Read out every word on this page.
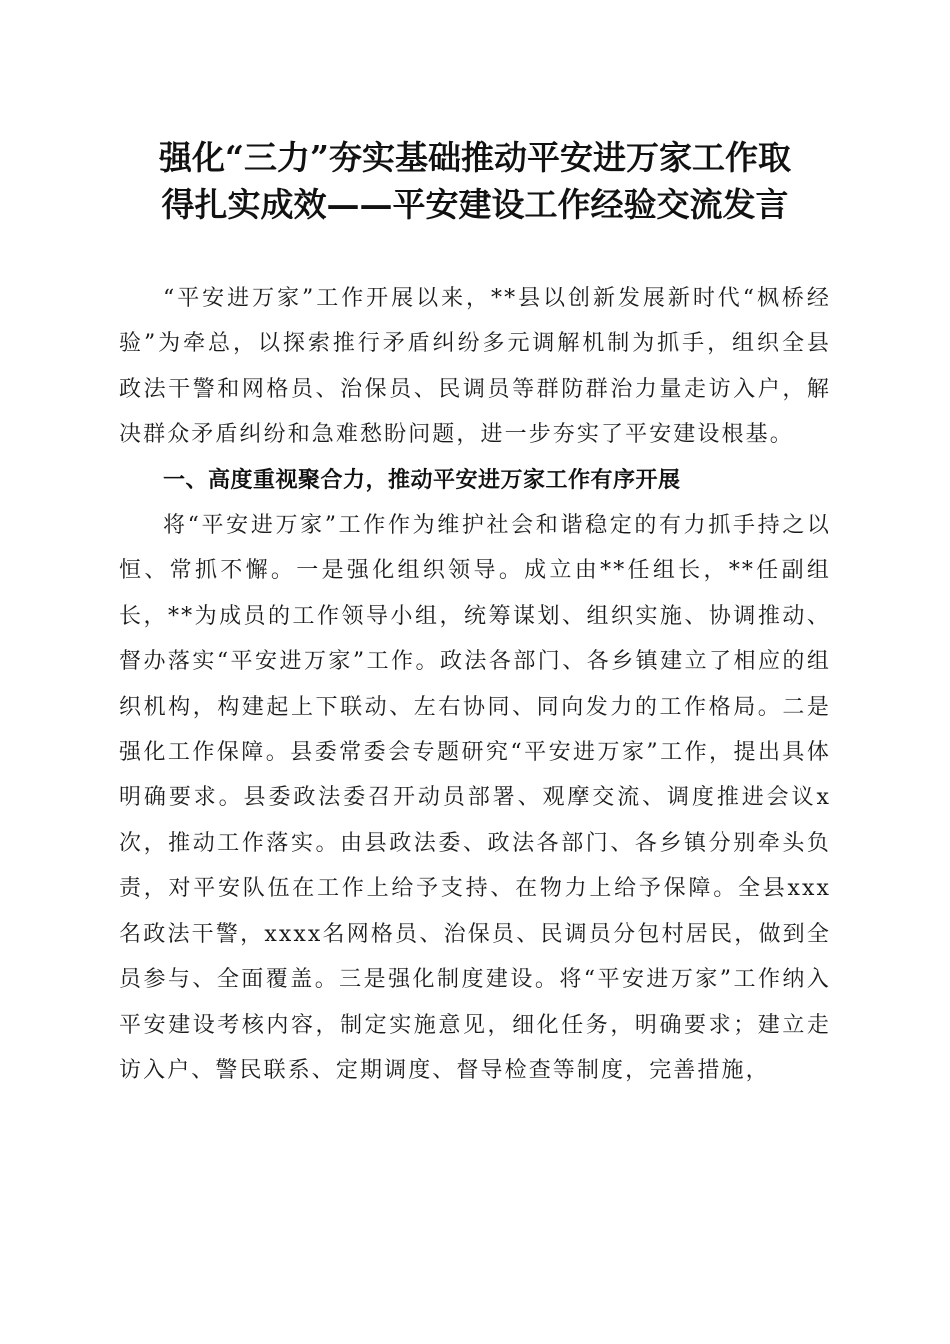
强化“三力”夯实基础推动平安进万家工作取
得扎实成效——平安建设工作经验交流发言

“平安进万家”工作开展以来，**县以创新发展新时代“枫桥经验”为牵总，以探索推行矛盾纠纷多元调解机制为抓手，组织全县政法干警和网格员、治保员、民调员等群防群治力量走访入户，解决群众矛盾纠纷和急难愁盼问题，进一步夯实了平安建设根基。

一、高度重视聚合力，推动平安进万家工作有序开展

将“平安进万家”工作作为维护社会和谐稳定的有力抓手持之以恒、常抓不懈。一是强化组织领导。成立由**任组长，**任副组长，**为成员的工作领导小组，统筹谋划、组织实施、协调推动、督办落实“平安进万家”工作。政法各部门、各乡镇建立了相应的组织机构，构建起上下联动、左右协同、同向发力的工作格局。二是强化工作保障。县委常委会专题研究“平安进万家”工作，提出具体明确要求。县委政法委召开动员部署、观摩交流、调度推进会议x次，推动工作落实。由县政法委、政法各部门、各乡镇分别牵头负责，对平安队伍在工作上给予支持、在物力上给予保障。全县xxx名政法干警，xxxx名网格员、治保员、民调员分包村居民，做到全员参与、全面覆盖。三是强化制度建设。将“平安进万家”工作纳入平安建设考核内容，制定实施意见，细化任务，明确要求；建立走访入户、警民联系、定期调度、督导检查等制度，完善措施，
